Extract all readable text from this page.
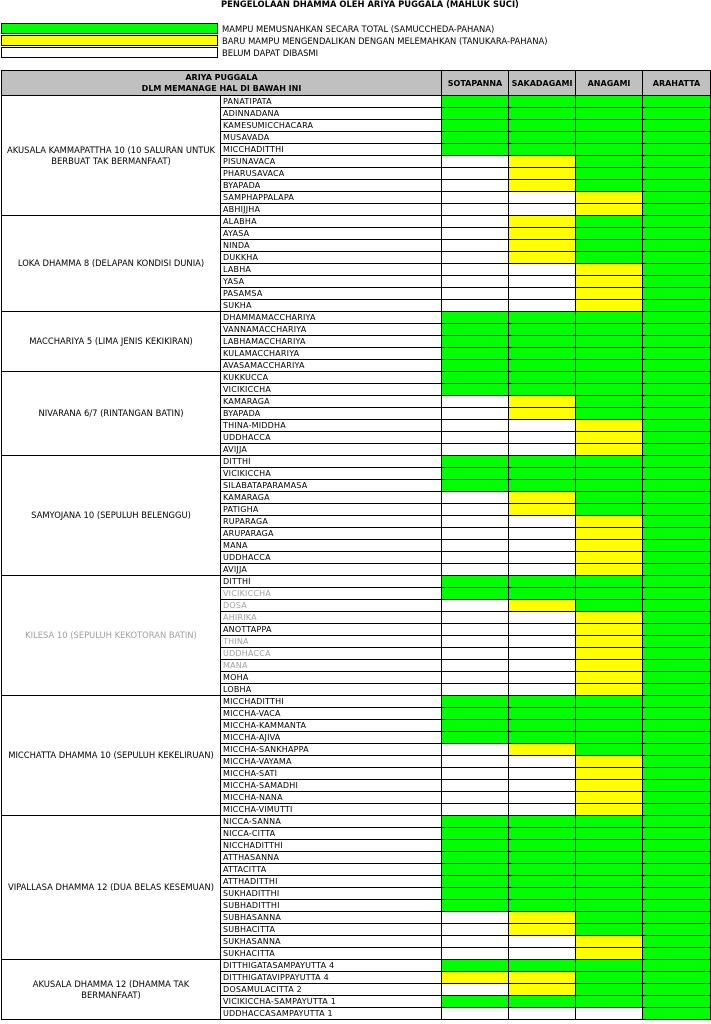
PENGELOLAAN DHAMMA OLEH ARIYA PUGGALA (MAHLUK SUCI)
MAMPU MEMUSNAHKAN SECARA TOTAL (SAMUCCHEDA-PAHANA)
BARU MAMPU MENGENDALIKAN DENGAN MELEMAHKAN (TANUKARA-PAHANA)
BELUM DAPAT DIBASMI
ARIYA PUGGALA
DLM MEMANAGE HAL DI BAWAH INI		SOTAPANNA	SAKADAGAMI	ANAGAMI	ARAHATTA
AKUSALA KAMMAPATTHA 10 (10 SALURAN UNTUK BERBUAT TAK BERMANFAAT)	PANATIPATA				
	ADINNADANA				
	KAMESUMICCHACARA				
	MUSAVADA				
	MICCHADITTHI				
	PISUNAVACA				
	PHARUSAVACA				
	BYAPADA				
	SAMPHAPPALAPA				
	ABHIJJHA				
LOKA DHAMMA 8 (DELAPAN KONDISI DUNIA)	ALABHA				
	AYASA				
	NINDA				
	DUKKHA				
	LABHA				
	YASA				
	PASAMSA				
	SUKHA				
MACCHARIYA 5 (LIMA JENIS KEKIKIRAN)	DHAMMAMACCHARIYA				
	VANNAMACCHARIYA				
	LABHAMACCHARIYA				
	KULAMACCHARIYA				
	AVASAMACCHARIYA				
NIVARANA 6/7 (RINTANGAN BATIN)	KUKKUCCA				
	VICIKICCHA				
	KAMARAGA				
	BYAPADA				
	THINA-MIDDHA				
	UDDHACCA				
	AVIJJA				
SAMYOJANA 10 (SEPULUH BELENGGU)	DITTHI				
	VICIKICCHA				
	SILABATAPARAMASA				
	KAMARAGA				
	PATIGHA				
	RUPARAGA				
	ARUPARAGA				
	MANA				
	UDDHACCA				
	AVIJJA				
KILESA 10 (SEPULUH KEKOTORAN BATIN)	DITTHI				
	VICIKICCHA				
	DOSA				
	AHIRIKA				
	ANOTTAPPA				
	THINA				
	UDDHACCA				
	MANA				
	MOHA				
	LOBHA				
MICCHATTA DHAMMA 10 (SEPULUH KEKELIRUAN)	MICCHADITTHI				
	MICCHA-VACA				
	MICCHA-KAMMANTA				
	MICCHA-AJIVA				
	MICCHA-SANKHAPPA				
	MICCHA-VAYAMA				
	MICCHA-SATI				
	MICCHA-SAMADHI				
	MICCHA-NANA				
	MICCHA-VIMUTTI				
VIPALLASA DHAMMA 12 (DUA BELAS KESEMUAN)	NICCA-SANNA				
	NICCA-CITTA				
	NICCHADITTHI				
	ATTHASANNA				
	ATTACITTA				
	ATTHADITTHI				
	SUKHADITTHI				
	SUBHADITTHI				
	SUBHASANNA				
	SUBHACITTA				
	SUKHASANNA				
	SUKHACITTA				
AKUSALA DHAMMA 12 (DHAMMA TAK BERMANFAAT)	DITTHIGATASAMPAYUTTA 4				
	DITTHIGATAVIPPAYUTTA 4				
	DOSAMULACITTA 2				
	VICIKICCHA-SAMPAYUTTA 1				
	UDDHACCASAMPAYUTTA 1				
